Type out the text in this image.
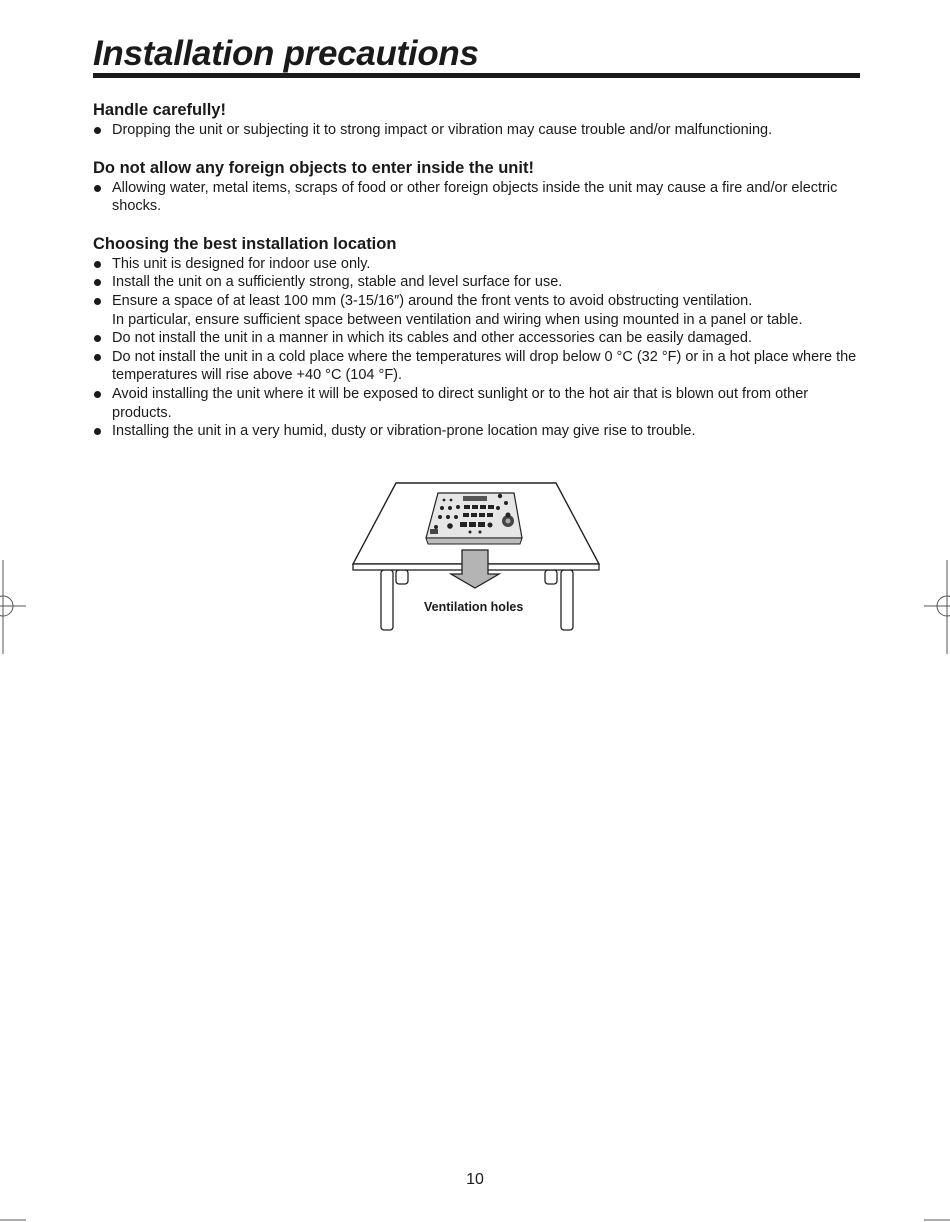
Installation precautions
Handle carefully!
Dropping the unit or subjecting it to strong impact or vibration may cause trouble and/or malfunctioning.
Do not allow any foreign objects to enter inside the unit!
Allowing water, metal items, scraps of food or other foreign objects inside the unit may cause a fire and/or electric shocks.
Choosing the best installation location
This unit is designed for indoor use only.
Install the unit on a sufficiently strong, stable and level surface for use.
Ensure a space of at least 100 mm (3-15/16″) around the front vents to avoid obstructing ventilation.
In particular, ensure sufficient space between ventilation and wiring when using mounted in a panel or table.
Do not install the unit in a manner in which its cables and other accessories can be easily damaged.
Do not install the unit in a cold place where the temperatures will drop below 0 °C (32 °F) or in a hot place where the temperatures will rise above +40 °C (104 °F).
Avoid installing the unit where it will be exposed to direct sunlight or to the hot air that is blown out from other products.
Installing the unit in a very humid, dusty or vibration-prone location may give rise to trouble.
Ventilation holes
10
